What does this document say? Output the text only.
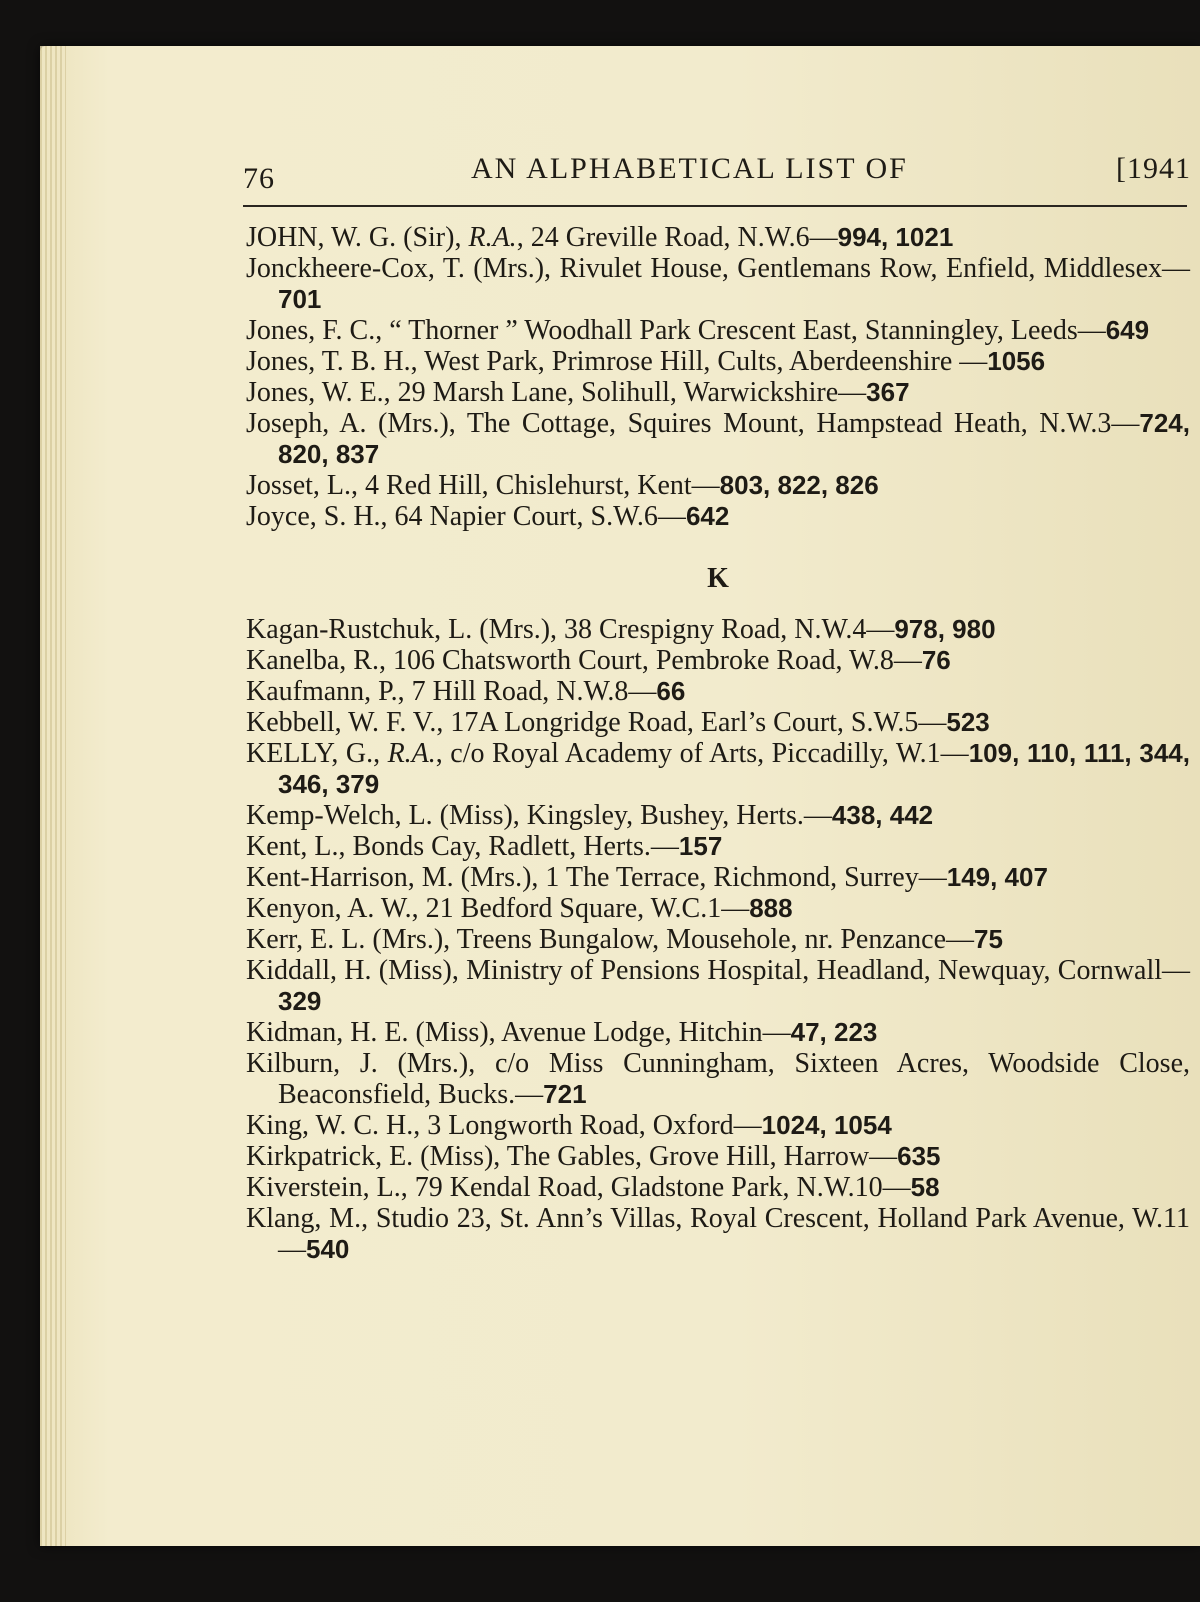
76	AN ALPHABETICAL LIST OF	[1941
JOHN, W. G. (Sir), R.A., 24 Greville Road, N.W.6—994, 1021
Jonckheere-Cox, T. (Mrs.), Rivulet House, Gentlemans Row, Enfield, Middlesex—701
Jones, F. C., “ Thorner ” Woodhall Park Crescent East, Stanningley, Leeds—649
Jones, T. B. H., West Park, Primrose Hill, Cults, Aberdeenshire —1056
Jones, W. E., 29 Marsh Lane, Solihull, Warwickshire—367
Joseph, A. (Mrs.), The Cottage, Squires Mount, Hampstead Heath, N.W.3—724, 820, 837
Josset, L., 4 Red Hill, Chislehurst, Kent—803, 822, 826
Joyce, S. H., 64 Napier Court, S.W.6—642
K
Kagan-Rustchuk, L. (Mrs.), 38 Crespigny Road, N.W.4—978, 980
Kanelba, R., 106 Chatsworth Court, Pembroke Road, W.8—76
Kaufmann, P., 7 Hill Road, N.W.8—66
Kebbell, W. F. V., 17A Longridge Road, Earl’s Court, S.W.5—523
KELLY, G., R.A., c/o Royal Academy of Arts, Piccadilly, W.1—109, 110, 111, 344, 346, 379
Kemp-Welch, L. (Miss), Kingsley, Bushey, Herts.—438, 442
Kent, L., Bonds Cay, Radlett, Herts.—157
Kent-Harrison, M. (Mrs.), 1 The Terrace, Richmond, Surrey—149, 407
Kenyon, A. W., 21 Bedford Square, W.C.1—888
Kerr, E. L. (Mrs.), Treens Bungalow, Mousehole, nr. Penzance—75
Kiddall, H. (Miss), Ministry of Pensions Hospital, Headland, Newquay, Cornwall—329
Kidman, H. E. (Miss), Avenue Lodge, Hitchin—47, 223
Kilburn, J. (Mrs.), c/o Miss Cunningham, Sixteen Acres, Woodside Close, Beaconsfield, Bucks.—721
King, W. C. H., 3 Longworth Road, Oxford—1024, 1054
Kirkpatrick, E. (Miss), The Gables, Grove Hill, Harrow—635
Kiverstein, L., 79 Kendal Road, Gladstone Park, N.W.10—58
Klang, M., Studio 23, St. Ann’s Villas, Royal Crescent, Holland Park Avenue, W.11—540
